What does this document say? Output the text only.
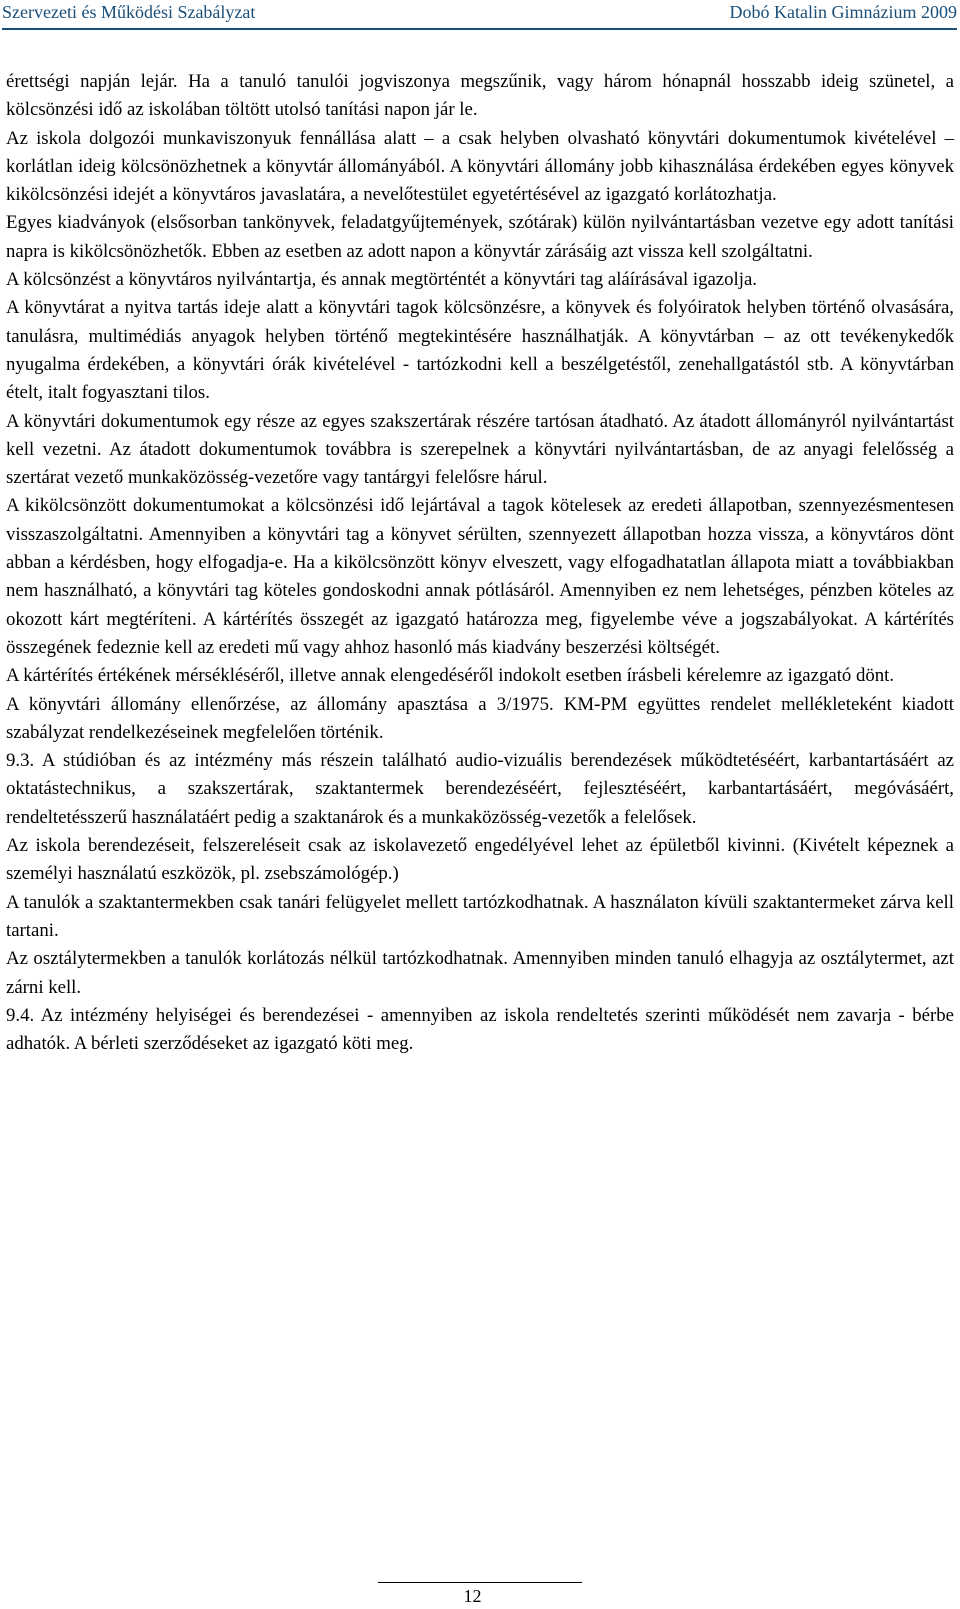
Szervezeti és Működési Szabályzat	Dobó Katalin Gimnázium 2009

érettségi napján lejár. Ha a tanuló tanulói jogviszonya megszűnik, vagy három hónapnál hosszabb ideig szünetel, a kölcsönzési idő az iskolában töltött utolsó tanítási napon jár le.

Az iskola dolgozói munkaviszonyuk fennállása alatt – a csak helyben olvasható könyvtári dokumentumok kivételével – korlátlan ideig kölcsönözhetnek a könyvtár állományából. A könyvtári állomány jobb kihasználása érdekében egyes könyvek kikölcsönzési idejét a könyvtáros javaslatára, a nevelőtestület egyetértésével az igazgató korlátozhatja.

Egyes kiadványok (elsősorban tankönyvek, feladatgyűjtemények, szótárak) külön nyilvántartásban vezetve egy adott tanítási napra is kikölcsönözhetők. Ebben az esetben az adott napon a könyvtár zárásáig azt vissza kell szolgáltatni.

A kölcsönzést a könyvtáros nyilvántartja, és annak megtörténtét a könyvtári tag aláírásával igazolja.

A könyvtárat a nyitva tartás ideje alatt a könyvtári tagok kölcsönzésre, a könyvek és folyóiratok helyben történő olvasására, tanulásra, multimédiás anyagok helyben történő megtekintésére használhatják. A könyvtárban – az ott tevékenykedők nyugalma érdekében, a könyvtári órák kivételével - tartózkodni kell a beszélgetéstől, zenehallgatástól stb. A könyvtárban ételt, italt fogyasztani tilos.

A könyvtári dokumentumok egy része az egyes szakszertárak részére tartósan átadható. Az átadott állományról nyilvántartást kell vezetni. Az átadott dokumentumok továbbra is szerepelnek a könyvtári nyilvántartásban, de az anyagi felelősség a szertárat vezető munkaközösség-vezetőre vagy tantárgyi felelősre hárul.

A kikölcsönzött dokumentumokat a kölcsönzési idő lejártával a tagok kötelesek az eredeti állapotban, szennyezésmentesen visszaszolgáltatni. Amennyiben a könyvtári tag a könyvet sérülten, szennyezett állapotban hozza vissza, a könyvtáros dönt abban a kérdésben, hogy elfogadja-e. Ha a kikölcsönzött könyv elveszett, vagy elfogadhatatlan állapota miatt a továbbiakban nem használható, a könyvtári tag köteles gondoskodni annak pótlásáról. Amennyiben ez nem lehetséges, pénzben köteles az okozott kárt megtéríteni. A kártérítés összegét az igazgató határozza meg, figyelembe véve a jogszabályokat. A kártérítés összegének fedeznie kell az eredeti mű vagy ahhoz hasonló más kiadvány beszerzési költségét.

A kártérítés értékének mérsékléséről, illetve annak elengedéséről indokolt esetben írásbeli kérelemre az igazgató dönt.

A könyvtári állomány ellenőrzése, az állomány apasztása a 3/1975. KM-PM együttes rendelet mellékleteként kiadott szabályzat rendelkezéseinek megfelelően történik.

9.3. A stúdióban és az intézmény más részein található audio-vizuális berendezések működtetéséért, karbantartásáért az oktatástechnikus, a szakszertárak, szaktantermek berendezéséért, fejlesztéséért, karbantartásáért, megóvásáért, rendeltetésszerű használatáért pedig a szaktanárok és a munkaközösség-vezetők a felelősek.

Az iskola berendezéseit, felszereléseit csak az iskolavezető engedélyével lehet az épületből kivinni. (Kivételt képeznek a személyi használatú eszközök, pl. zsebszámológép.)

A tanulók a szaktantermekben csak tanári felügyelet mellett tartózkodhatnak. A használaton kívüli szaktantermeket zárva kell tartani.

Az osztálytermekben a tanulók korlátozás nélkül tartózkodhatnak. Amennyiben minden tanuló elhagyja az osztálytermet, azt zárni kell.

9.4. Az intézmény helyiségei és berendezései - amennyiben az iskola rendeltetés szerinti működését nem zavarja - bérbe adhatók. A bérleti szerződéseket az igazgató köti meg.

12
